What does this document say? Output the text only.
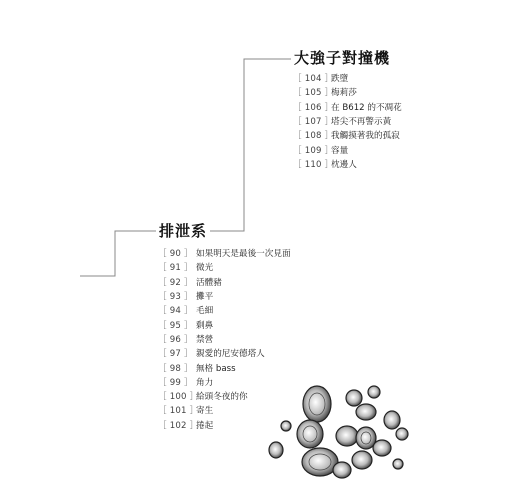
大強子對撞機
［ 104 ］
跌墮
［ 105 ］
梅莉莎
［ 106 ］
在 B612 的不凋花
［ 107 ］
塔尖不再警示黃
［ 108 ］
我觸摸著我的孤寂
［ 109 ］
容量
［ 110 ］
枕邊人
排泄系
［ 90 ］ 如果明天是最後一次見面
［ 91 ］ 微光
［ 92 ］ 活體豬
［ 93 ］ 攤平
［ 94 ］ 毛細
［ 95 ］ 剩鼻
［ 96 ］ 禁營
［ 97 ］ 親愛的尼安德塔人
［ 98 ］ 無格 bass
［ 99 ］ 角力
［ 100 ］
給頭冬夜的你
［ 101 ］
寄生
［ 102 ］
捲起
